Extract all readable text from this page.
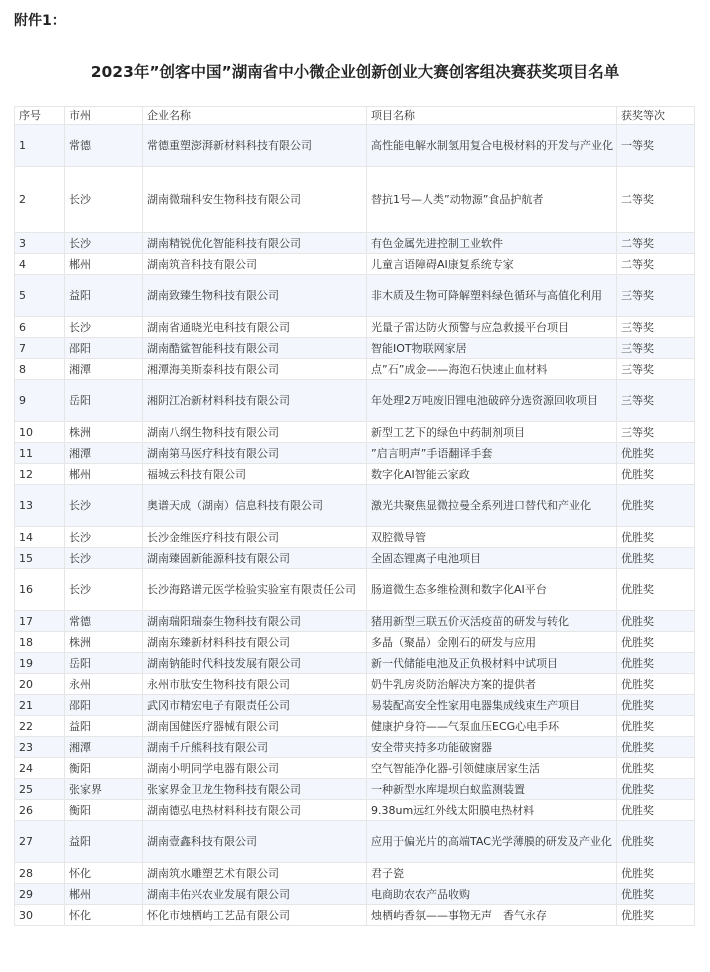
附件1：
2023年”创客中国”湖南省中小微企业创新创业大赛创客组决赛获奖项目名单
序号	市州	企业名称	项目名称	获奖等次
1	常德	常德重塑澎湃新材料科技有限公司	高性能电解水制氢用复合电极材料的开发与产业化	一等奖
2	长沙	湖南微瑞科安生物科技有限公司	替抗1号—人类”动物源”食品护航者	二等奖
3	长沙	湖南精锐优化智能科技有限公司	有色金属先进控制工业软件	二等奖
4	郴州	湖南筑音科技有限公司	儿童言语障碍AI康复系统专家	二等奖
5	益阳	湖南致臻生物科技有限公司	非木质及生物可降解塑料绿色循环与高值化利用	三等奖
6	长沙	湖南省通晓光电科技有限公司	光量子雷达防火预警与应急救援平台项目	三等奖
7	邵阳	湖南酷鲨智能科技有限公司	智能IOT物联网家居	三等奖
8	湘潭	湘潭海美斯泰科技有限公司	点”石”成金——海泡石快速止血材料	三等奖
9	岳阳	湘阴江冶新材料科技有限公司	年处理2万吨废旧锂电池破碎分选资源回收项目	三等奖
10	株洲	湖南八纲生物科技有限公司	新型工艺下的绿色中药制剂项目	三等奖
11	湘潭	湖南第马医疗科技有限公司	”启言明声”手语翻译手套	优胜奖
12	郴州	福城云科技有限公司	数字化AI智能云家政	优胜奖
13	长沙	奥谱天成（湖南）信息科技有限公司	激光共聚焦显微拉曼全系列进口替代和产业化	优胜奖
14	长沙	长沙金维医疗科技有限公司	双腔微导管	优胜奖
15	长沙	湖南臻固新能源科技有限公司	全固态锂离子电池项目	优胜奖
16	长沙	长沙海路谱元医学检验实验室有限责任公司	肠道微生态多维检测和数字化AI平台	优胜奖
17	常德	湖南瑞阳瑞泰生物科技有限公司	猪用新型三联五价灭活疫苗的研发与转化	优胜奖
18	株洲	湖南东臻新材料科技有限公司	多晶（聚晶）金刚石的研发与应用	优胜奖
19	岳阳	湖南钠能时代科技发展有限公司	新一代储能电池及正负极材料中试项目	优胜奖
20	永州	永州市肽安生物科技有限公司	奶牛乳房炎防治解决方案的提供者	优胜奖
21	邵阳	武冈市精宏电子有限责任公司	易装配高安全性家用电器集成线束生产项目	优胜奖
22	益阳	湖南国健医疗器械有限公司	健康护身符——气泵血压ECG心电手环	优胜奖
23	湘潭	湖南千斤熊科技有限公司	安全带夹持多功能破窗器	优胜奖
24	衡阳	湖南小明同学电器有限公司	空气智能净化器-引领健康居家生活	优胜奖
25	张家界	张家界金卫龙生物科技有限公司	一种新型水库堤坝白蚁监测装置	优胜奖
26	衡阳	湖南德弘电热材料科技有限公司	9.38um远红外线太阳膜电热材料	优胜奖
27	益阳	湖南壹鑫科技有限公司	应用于偏光片的高端TAC光学薄膜的研发及产业化	优胜奖
28	怀化	湖南筑水雕塑艺术有限公司	君子瓷	优胜奖
29	郴州	湖南丰佑兴农业发展有限公司	电商助农农产品收购	优胜奖
30	怀化	怀化市烛栖屿工艺品有限公司	烛栖屿香氛——事物无声　香气永存	优胜奖
